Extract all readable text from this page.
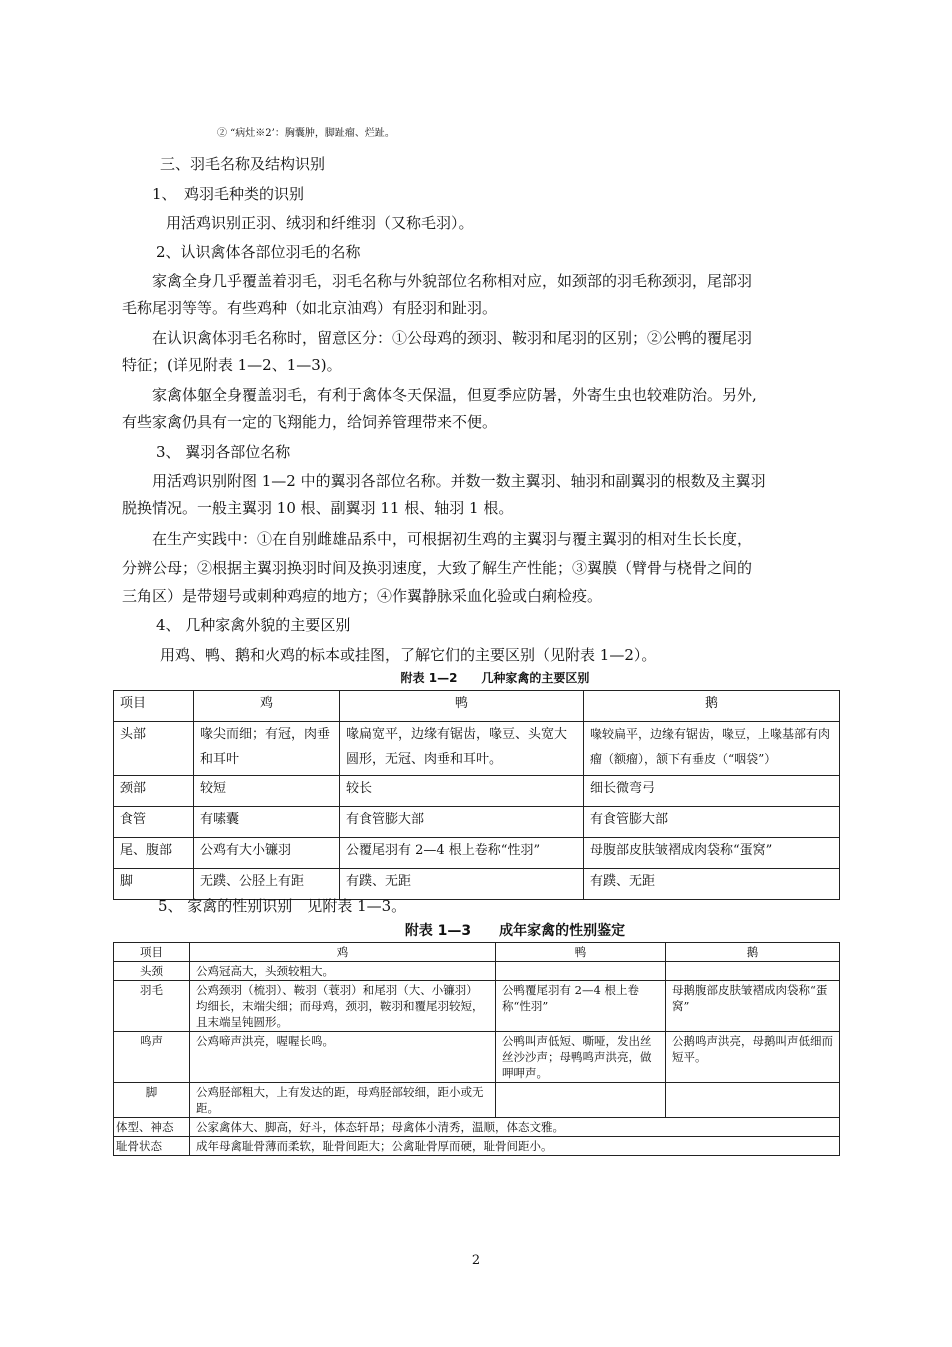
② “病灶※2’：胸囊肿，脚趾瘤、烂趾。
三、羽毛名称及结构识别
1、　鸡羽毛种类的识别
用活鸡识别正羽、绒羽和纤维羽（又称毛羽）。
2、认识禽体各部位羽毛的名称
家禽全身几乎覆盖着羽毛，羽毛名称与外貌部位名称相对应，如颈部的羽毛称颈羽，尾部羽
毛称尾羽等等。有些鸡种（如北京油鸡）有胫羽和趾羽。
在认识禽体羽毛名称时，留意区分：①公母鸡的颈羽、鞍羽和尾羽的区别；②公鸭的覆尾羽
特征；(详见附表 1—2、1—3)。
家禽体躯全身覆盖羽毛，有利于禽体冬天保温，但夏季应防暑，外寄生虫也较难防治。另外,
有些家禽仍具有一定的飞翔能力，给饲养管理带来不便。
3、 翼羽各部位名称
用活鸡识别附图 1—2 中的翼羽各部位名称。并数一数主翼羽、轴羽和副翼羽的根数及主翼羽
脱换情况。一般主翼羽 10 根、副翼羽 11 根、轴羽 1 根。
在生产实践中：①在自别雌雄品系中，可根据初生鸡的主翼羽与覆主翼羽的相对生长长度，
分辨公母；②根据主翼羽换羽时间及换羽速度，大致了解生产性能；③翼膜（臂骨与桡骨之间的
三角区）是带翅号或刺种鸡痘的地方；④作翼静脉采血化验或白痢检疫。
4、 几种家禽外貌的主要区别
用鸡、鸭、鹅和火鸡的标本或挂图，了解它们的主要区别（见附表 1—2）。
附表 1—2　　几种家禽的主要区别
项目	鸡	鸭	鹅
头部	喙尖而细；有冠，肉垂和耳叶	喙扁宽平，边缘有锯齿，喙豆、头宽大圆形，无冠、肉垂和耳叶。	喙较扁平，边缘有锯齿，喙豆，上喙基部有肉瘤（额瘤），颔下有垂皮（“咽袋”）
颈部	较短	较长	细长微弯弓
食管	有嗉囊	有食管膨大部	有食管膨大部
尾、腹部	公鸡有大小镰羽	公覆尾羽有 2—4 根上卷称“性羽”	母腹部皮肤皱褶成肉袋称“蛋窝”
脚	无蹼、公胫上有距	有蹼、无距	有蹼、无距
5、 家禽的性别识别　见附表 1—3。
附表 1—3　　成年家禽的性别鉴定
项目	鸡	鸭	鹅
头颈	公鸡冠高大，头颈较粗大。		
羽毛	公鸡颈羽（梳羽）、鞍羽（蓑羽）和尾羽（大、小镰羽）均细长，末端尖细；而母鸡，颈羽，鞍羽和覆尾羽较短，且末端呈钝圆形。	公鸭覆尾羽有 2—4 根上卷称“性羽”	母鹅腹部皮肤皱褶成肉袋称“蛋窝”
鸣声	公鸡啼声洪亮，喔喔长鸣。	公鸭叫声低短、嘶哑，发出丝丝沙沙声；母鸭鸣声洪亮，做呷呷声。	公鹅鸣声洪亮，母鹅叫声低细而短平。
脚	公鸡胫部粗大，上有发达的距，母鸡胫部较细，距小或无距。		
体型、神态	公家禽体大、脚高，好斗，体态轩昂；母禽体小清秀，温顺，体态文雅。		
耻骨状态	成年母禽耻骨薄而柔软，耻骨间距大；公禽耻骨厚而硬，耻骨间距小。		
2
